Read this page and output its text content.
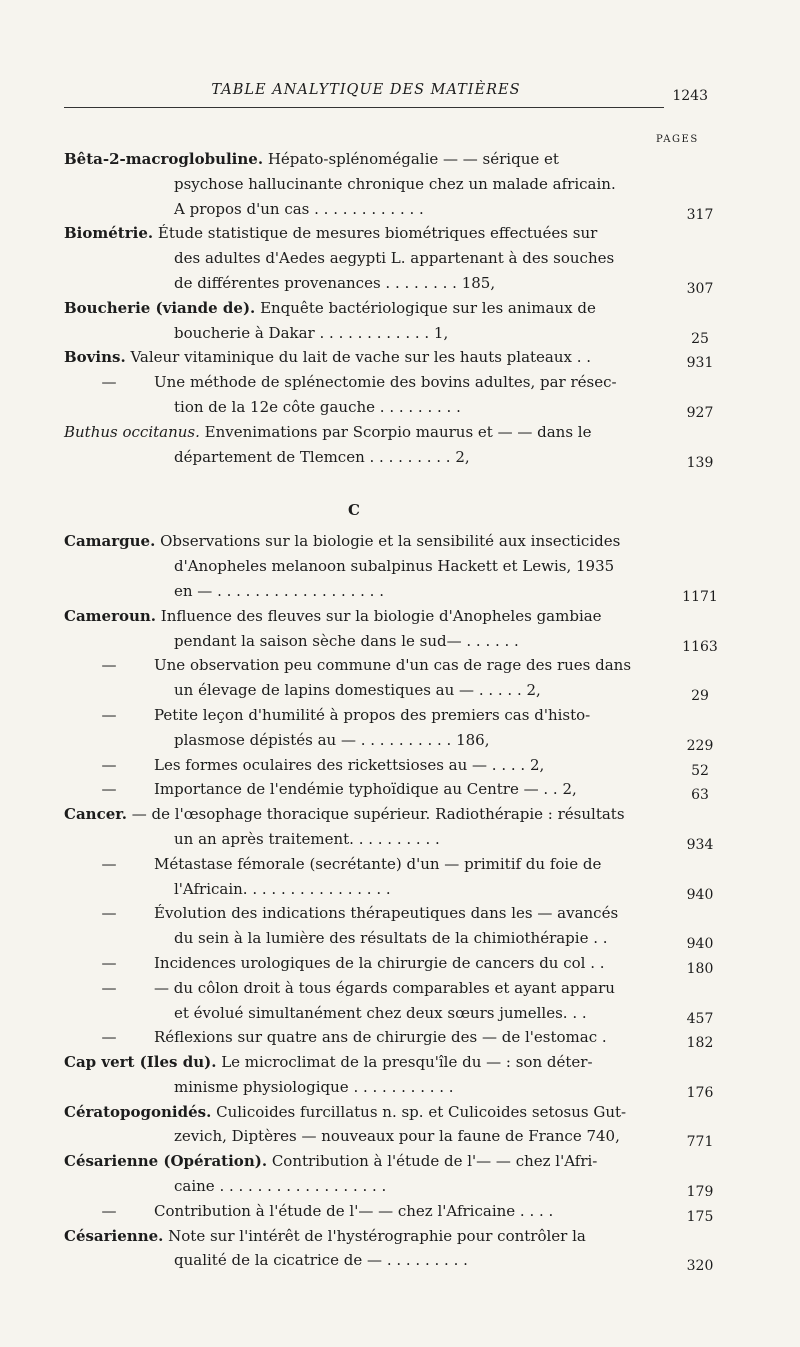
TABLE ANALYTIQUE DES MATIÈRES	1243
PAGES
Bêta-2-macroglobuline. Hépato-splénomégalie — — sérique et
psychose hallucinante chronique chez un malade africain.
A propos d'un cas . . . . . . . . . . . .	317
Biométrie. Étude statistique de mesures biométriques effectuées sur
des adultes d'Aedes aegypti L. appartenant à des souches
de différentes provenances . . . . . . . . 185,	307
Boucherie (viande de). Enquête bactériologique sur les animaux de
boucherie à Dakar . . . . . . . . . . . . 1,	25
Bovins. Valeur vitaminique du lait de vache sur les hauts plateaux . .	931
—	Une méthode de splénectomie des bovins adultes, par résec-
tion de la 12e côte gauche . . . . . . . . .	927
Buthus occitanus. Envenimations par Scorpio maurus et — — dans le
département de Tlemcen . . . . . . . . . 2,	139
C
Camargue. Observations sur la biologie et la sensibilité aux insecticides
d'Anopheles melanoon subalpinus Hackett et Lewis, 1935
en — . . . . . . . . . . . . . . . . . .	1171
Cameroun. Influence des fleuves sur la biologie d'Anopheles gambiae
pendant la saison sèche dans le sud— . . . . . .	1163
—	Une observation peu commune d'un cas de rage des rues dans
un élevage de lapins domestiques au — . . . . . 2,	29
—	Petite leçon d'humilité à propos des premiers cas d'histo-
plasmose dépistés au — . . . . . . . . . . 186,	229
—	Les formes oculaires des rickettsioses au — . . . . 2,	52
—	Importance de l'endémie typhoïdique au Centre — . . 2,	63
Cancer. — de l'œsophage thoracique supérieur. Radiothérapie : résultats
un an après traitement. . . . . . . . . .	934
—	Métastase fémorale (secrétante) d'un — primitif du foie de
l'Africain. . . . . . . . . . . . . . . .	940
—	Évolution des indications thérapeutiques dans les — avancés
du sein à la lumière des résultats de la chimiothérapie . .	940
—	Incidences urologiques de la chirurgie de cancers du col . .	180
—	— du côlon droit à tous égards comparables et ayant apparu
et évolué simultanément chez deux sœurs jumelles. . .	457
—	Réflexions sur quatre ans de chirurgie des — de l'estomac .	182
Cap vert (Iles du). Le microclimat de la presqu'île du — : son déter-
minisme physiologique . . . . . . . . . . .	176
Cératopogonidés. Culicoides furcillatus n. sp. et Culicoides setosus Gut-
zevich, Diptères — nouveaux pour la faune de France 740,	771
Césarienne (Opération). Contribution à l'étude de l'— — chez l'Afri-
caine . . . . . . . . . . . . . . . . . .	179
—	Contribution à l'étude de l'— — chez l'Africaine . . . .	175
Césarienne. Note sur l'intérêt de l'hystérographie pour contrôler la
qualité de la cicatrice de — . . . . . . . . .	320
